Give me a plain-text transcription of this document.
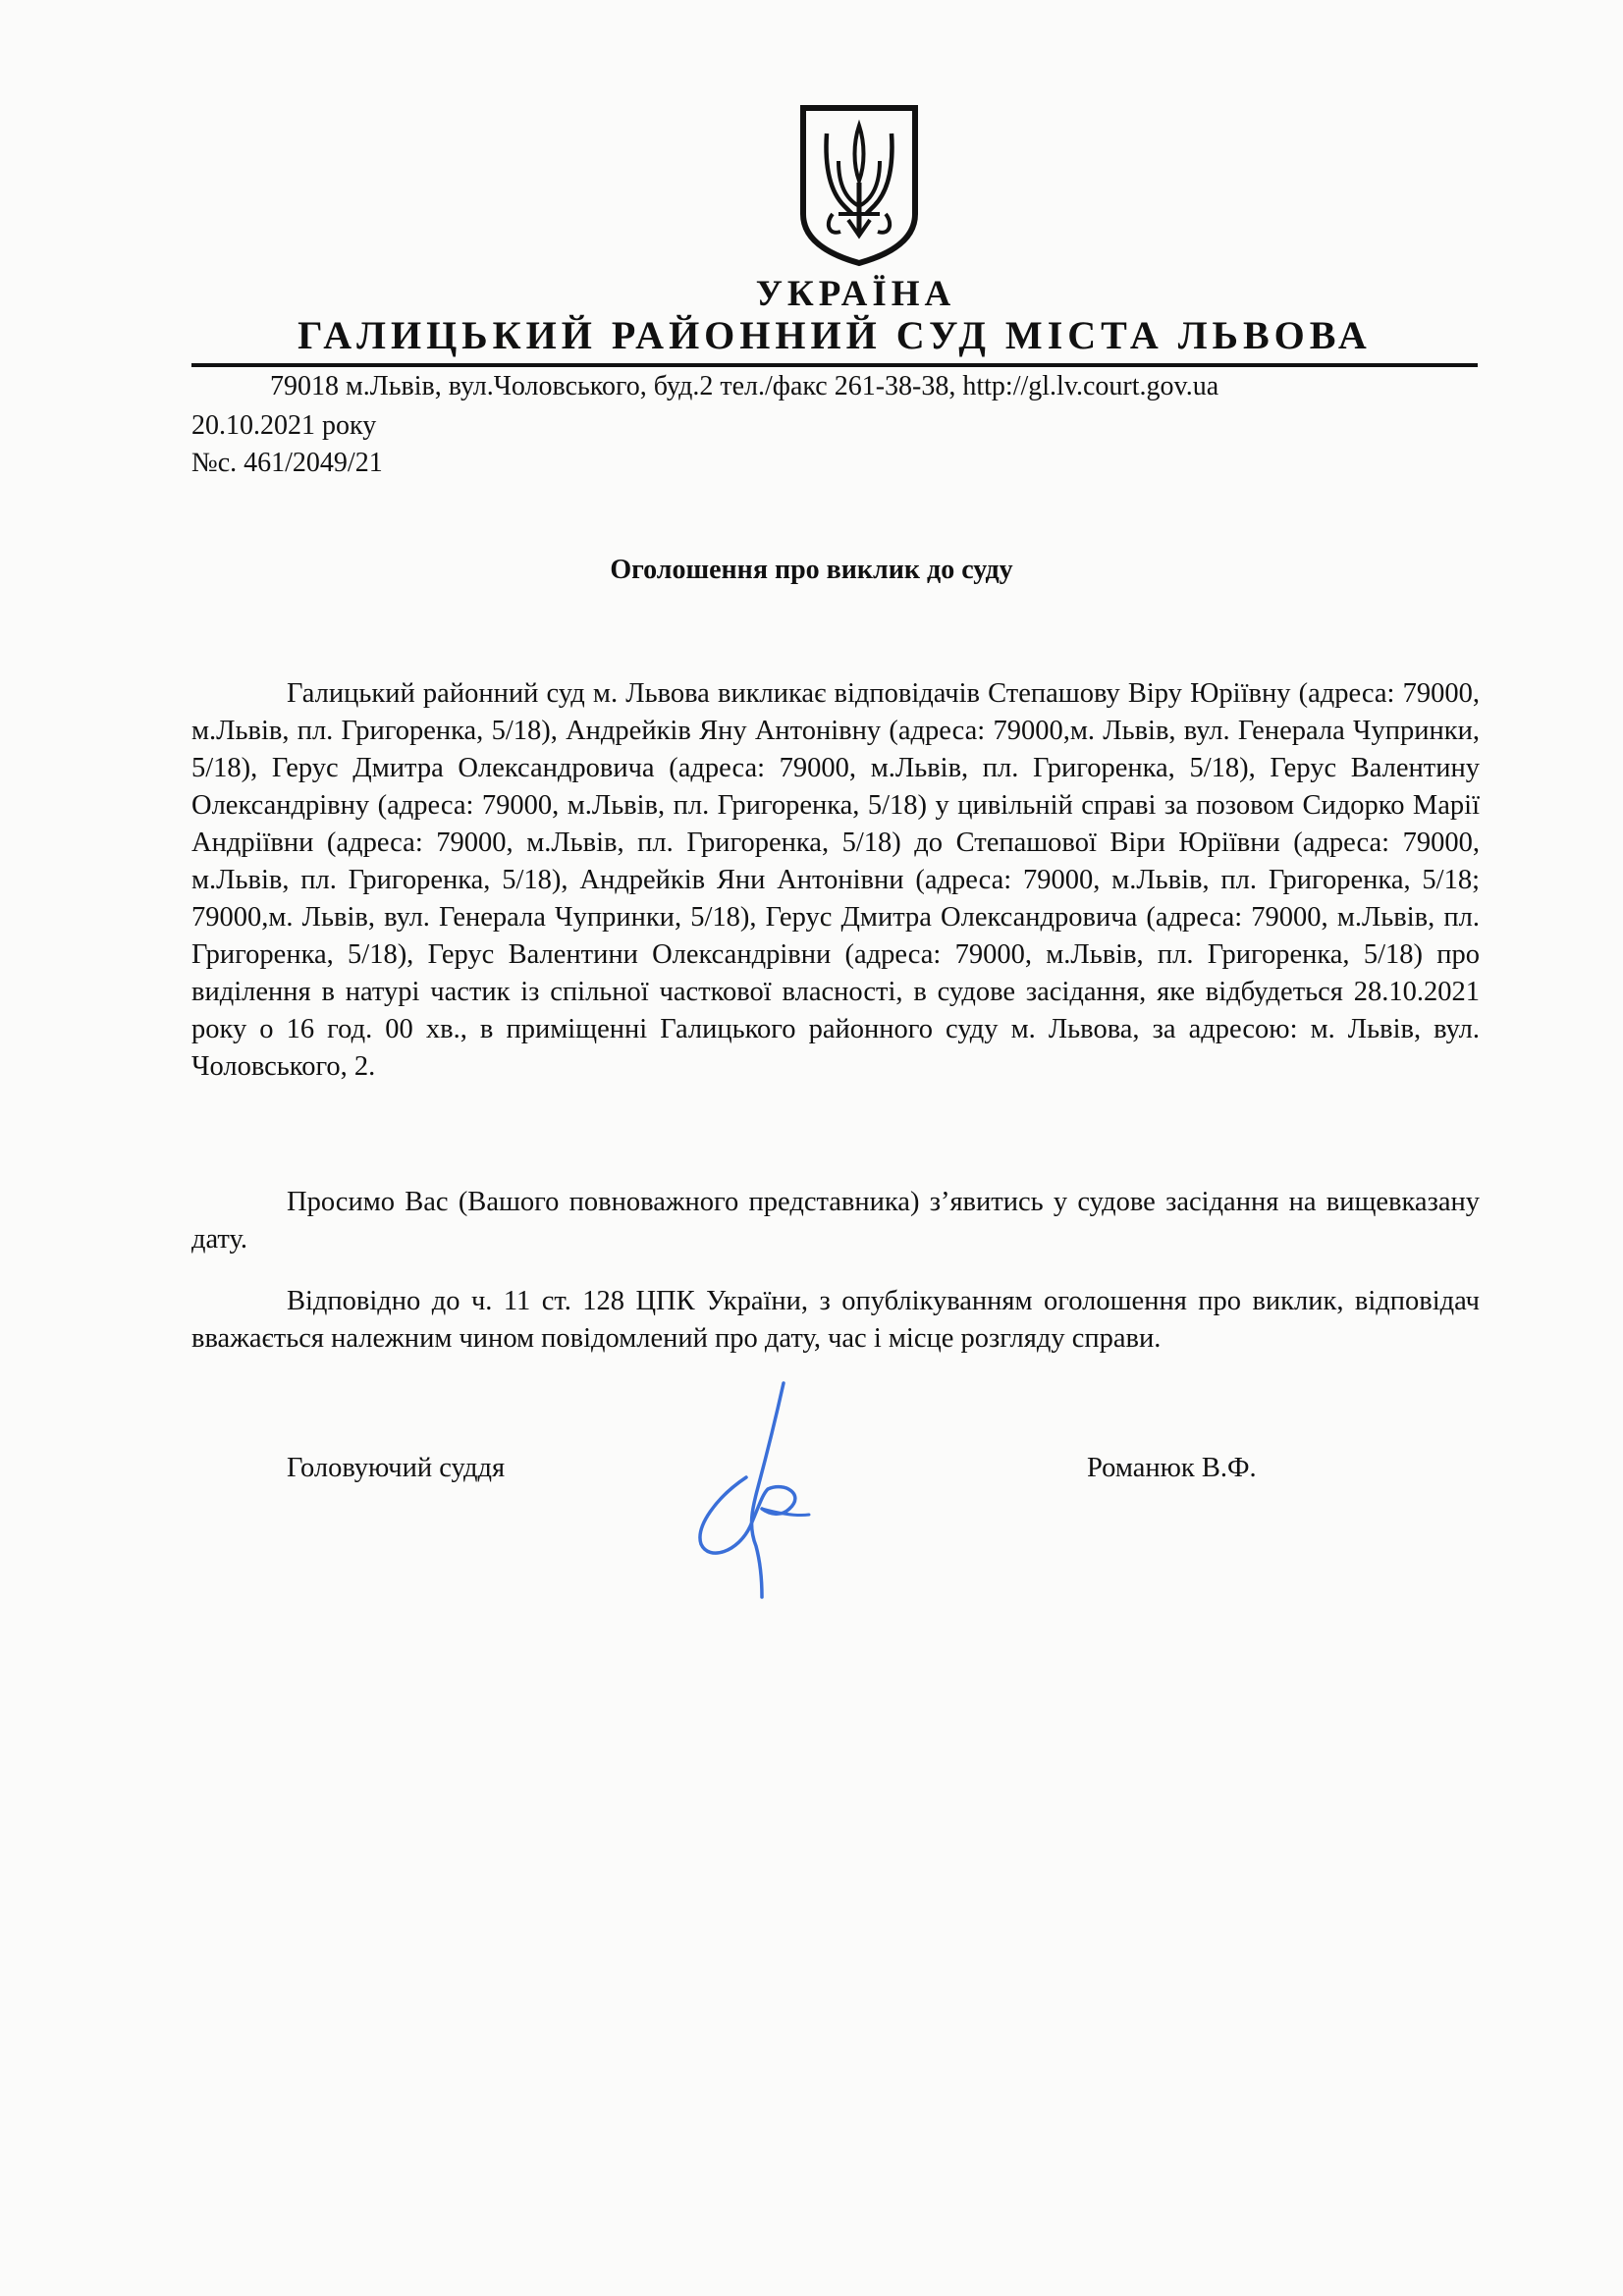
УКРАЇНА
ГАЛИЦЬКИЙ РАЙОННИЙ СУД МІСТА ЛЬВОВА
79018 м.Львів, вул.Чоловського, буд.2 тел./факс 261-38-38, http://gl.lv.court.gov.ua
20.10.2021 року
№с. 461/2049/21
Оголошення про виклик до суду

Галицький районний суд м. Львова викликає відповідачів Степашову Віру Юріївну (адреса: 79000, м.Львів, пл. Григоренка, 5/18), Андрейків Яну Антонівну (адреса: 79000,м. Львів, вул. Генерала Чупринки, 5/18), Герус Дмитра Олександровича (адреса: 79000, м.Львів, пл. Григоренка, 5/18), Герус Валентину Олександрівну (адреса: 79000, м.Львів, пл. Григоренка, 5/18) у цивільній справі за позовом Сидорко Марії Андріївни (адреса: 79000, м.Львів, пл. Григоренка, 5/18) до Степашової Віри Юріївни (адреса: 79000, м.Львів, пл. Григоренка, 5/18), Андрейків Яни Антонівни (адреса: 79000, м.Львів, пл. Григоренка, 5/18; 79000,м. Львів, вул. Генерала Чупринки, 5/18), Герус Дмитра Олександровича (адреса: 79000, м.Львів, пл. Григоренка, 5/18), Герус Валентини Олександрівни (адреса: 79000, м.Львів, пл. Григоренка, 5/18) про виділення в натурі частик із спільної часткової власності, в судове засідання, яке відбудеться 28.10.2021 року о 16 год. 00 хв., в приміщенні Галицького районного суду м. Львова, за адресою: м. Львів, вул. Чоловського, 2.

Просимо Вас (Вашого повноважного представника) з’явитись у судове засідання на вищевказану дату.

Відповідно до ч. 11 ст. 128 ЦПК України, з опублікуванням оголошення про виклик, відповідач вважається належним чином повідомлений про дату, час і місце розгляду справи.

Головуючий суддя	Романюк В.Ф.
